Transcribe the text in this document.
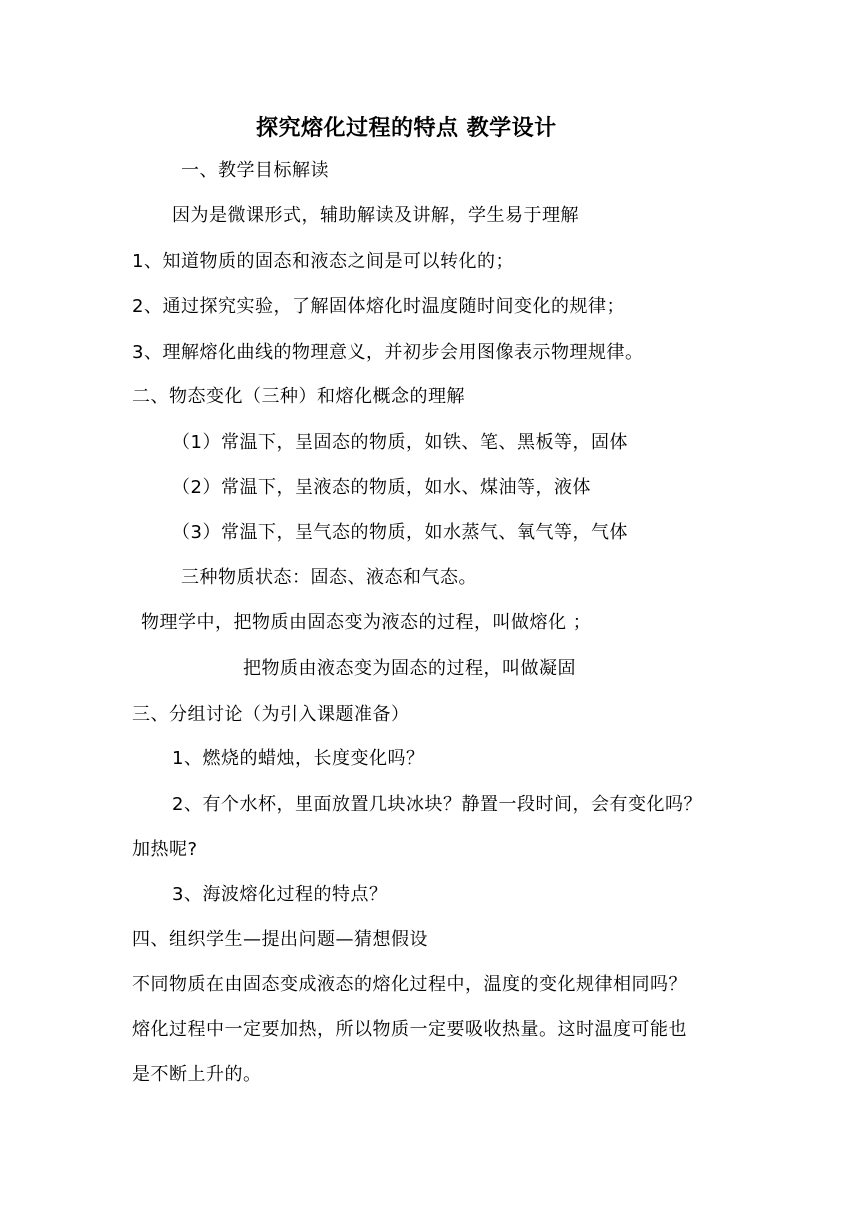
探究熔化过程的特点 教学设计
一、教学目标解读
因为是微课形式，辅助解读及讲解，学生易于理解
1、知道物质的固态和液态之间是可以转化的；
2、通过探究实验，了解固体熔化时温度随时间变化的规律；
3、理解熔化曲线的物理意义，并初步会用图像表示物理规律。
二、物态变化（三种）和熔化概念的理解
（1）常温下，呈固态的物质，如铁、笔、黑板等，固体
（2）常温下，呈液态的物质，如水、煤油等，液体
（3）常温下，呈气态的物质，如水蒸气、氧气等，气体
三种物质状态：固态、液态和气态。
物理学中，把物质由固态变为液态的过程，叫做熔化 ；
把物质由液态变为固态的过程，叫做凝固
三、分组讨论（为引入课题准备）
1、燃烧的蜡烛，长度变化吗？
2、有个水杯，里面放置几块冰块？静置一段时间，会有变化吗？
加热呢?
3、海波熔化过程的特点？
四、组织学生—提出问题—猜想假设
不同物质在由固态变成液态的熔化过程中，温度的变化规律相同吗？
熔化过程中一定要加热，所以物质一定要吸收热量。这时温度可能也
是不断上升的。
